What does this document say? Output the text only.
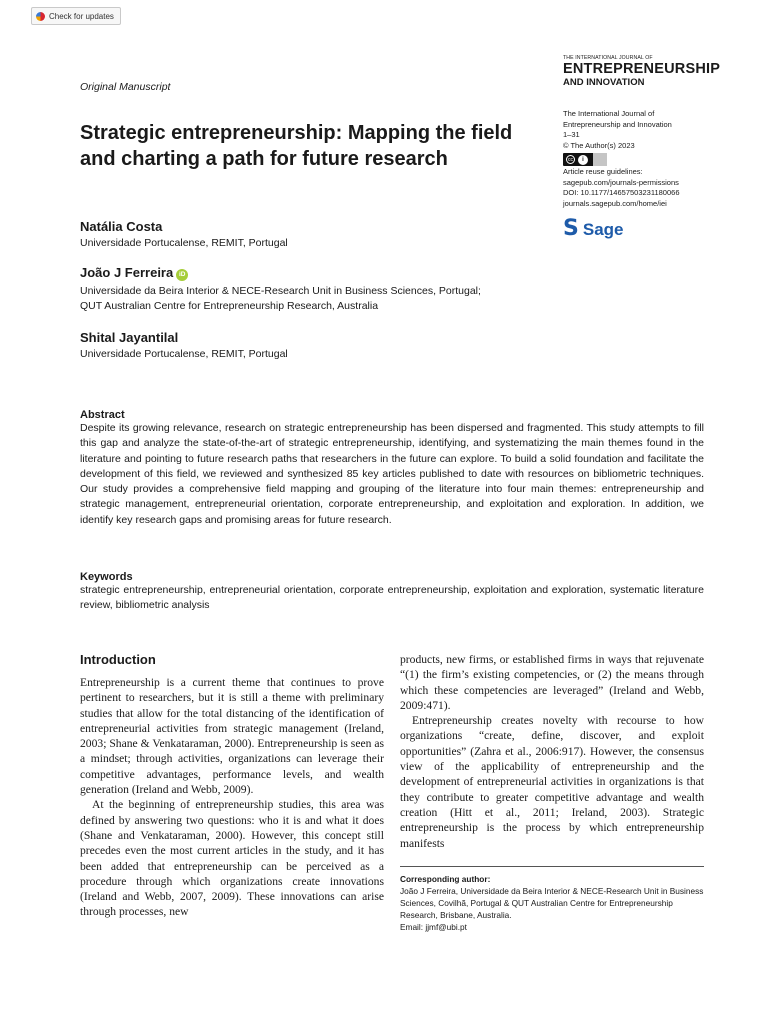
Check for updates
Original Manuscript
THE INTERNATIONAL JOURNAL OF
ENTREPRENEURSHIP
AND INNOVATION
The International Journal of
Entrepreneurship and Innovation
1–31
© The Author(s) 2023
cc	i
Article reuse guidelines:
sagepub.com/journals-permissions
DOI: 10.1177/14657503231180066
journals.sagepub.com/home/iei
S Sage
Strategic entrepreneurship: Mapping the field and charting a path for future research
Natália Costa
Universidade Portucalense, REMIT, Portugal
João J Ferreira iD
Universidade da Beira Interior & NECE-Research Unit in Business Sciences, Portugal;
QUT Australian Centre for Entrepreneurship Research, Australia
Shital Jayantilal
Universidade Portucalense, REMIT, Portugal
Abstract
Despite its growing relevance, research on strategic entrepreneurship has been dispersed and fragmented. This study attempts to fill this gap and analyze the state-of-the-art of strategic entrepreneurship, identifying, and systematizing the main themes found in the literature and pointing to future research paths that researchers in the future can explore. To build a solid foundation and facilitate the development of this field, we reviewed and synthesized 85 key articles published to date with resources on bibliometric techniques. Our study provides a comprehensive field mapping and grouping of the literature into four main themes: entrepreneurship and strategic management, entrepreneurial orientation, corporate entrepreneurship, and exploitation and exploration. In addition, we identify key research gaps and promising areas for future research.
Keywords
strategic entrepreneurship, entrepreneurial orientation, corporate entrepreneurship, exploitation and exploration, systematic literature review, bibliometric analysis
Introduction

Entrepreneurship is a current theme that continues to prove pertinent to researchers, but it is still a theme with preliminary studies that allow for the total distancing of the identification of entrepreneurial activities from strategic management (Ireland, 2003; Shane & Venkataraman, 2000). Entrepreneurship is seen as a mindset; through activities, organizations can leverage their competitive advantages, performance levels, and wealth generation (Ireland and Webb, 2009).

At the beginning of entrepreneurship studies, this area was defined by answering two questions: who it is and what it does (Shane and Venkataraman, 2000). However, this concept still precedes even the most current articles in the study, and it has been added that entrepreneurship can be perceived as a procedure through which organizations create innovations (Ireland and Webb, 2007, 2009). These innovations can arise through processes, new

products, new firms, or established firms in ways that rejuvenate “(1) the firm’s existing competencies, or (2) the means through which these competencies are leveraged” (Ireland and Webb, 2009:471).

Entrepreneurship creates novelty with recourse to how organizations “create, define, discover, and exploit opportunities” (Zahra et al., 2006:917). However, the consensus view of the applicability of entrepreneurship and the development of entrepreneurial activities in organizations is that they contribute to greater competitive advantage and wealth creation (Hitt et al., 2011; Ireland, 2003). Strategic entrepreneurship is the process by which entrepreneurship manifests

Corresponding author:
João J Ferreira, Universidade da Beira Interior & NECE-Research Unit in Business Sciences, Covilhã, Portugal & QUT Australian Centre for Entrepreneurship Research, Brisbane, Australia.
Email: jjmf@ubi.pt
